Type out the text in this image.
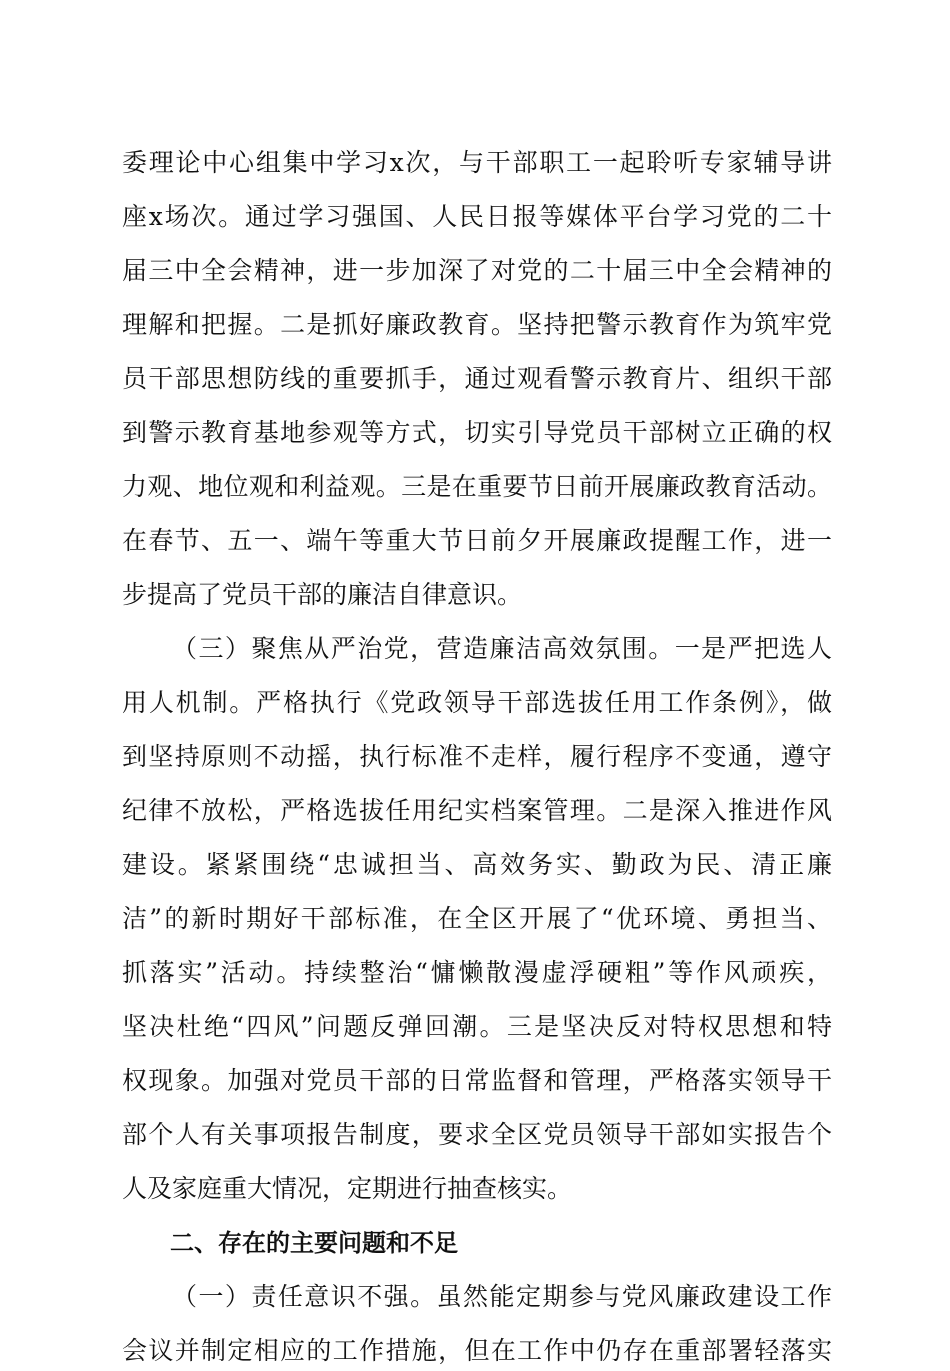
委理论中心组集中学习x次，与干部职工一起聆听专家辅导讲
座x场次。通过学习强国、人民日报等媒体平台学习党的二十
届三中全会精神，进一步加深了对党的二十届三中全会精神的
理解和把握。二是抓好廉政教育。坚持把警示教育作为筑牢党
员干部思想防线的重要抓手，通过观看警示教育片、组织干部
到警示教育基地参观等方式，切实引导党员干部树立正确的权
力观、地位观和利益观。三是在重要节日前开展廉政教育活动。
在春节、五一、端午等重大节日前夕开展廉政提醒工作，进一
步提高了党员干部的廉洁自律意识。
（三）聚焦从严治党，营造廉洁高效氛围。一是严把选人
用人机制。严格执行《党政领导干部选拔任用工作条例》，做
到坚持原则不动摇，执行标准不走样，履行程序不变通，遵守
纪律不放松，严格选拔任用纪实档案管理。二是深入推进作风
建设。紧紧围绕“忠诚担当、高效务实、勤政为民、清正廉
洁”的新时期好干部标准，在全区开展了“优环境、勇担当、
抓落实”活动。持续整治“慵懒散漫虚浮硬粗”等作风顽疾，
坚决杜绝“四风”问题反弹回潮。三是坚决反对特权思想和特
权现象。加强对党员干部的日常监督和管理，严格落实领导干
部个人有关事项报告制度，要求全区党员领导干部如实报告个
人及家庭重大情况，定期进行抽查核实。
二、存在的主要问题和不足
（一）责任意识不强。虽然能定期参与党风廉政建设工作
会议并制定相应的工作措施，但在工作中仍存在重部署轻落实
